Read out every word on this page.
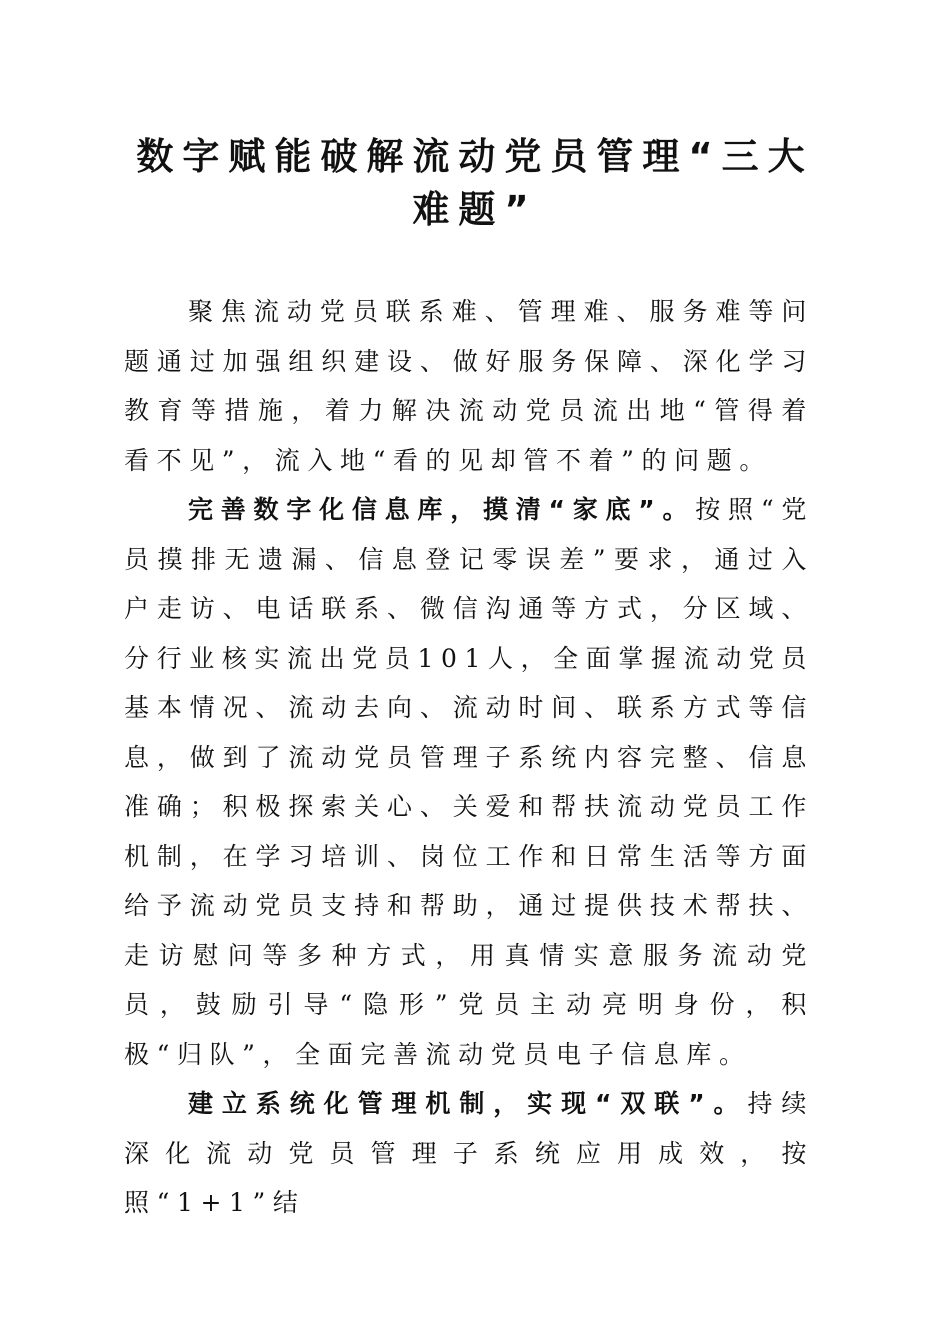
数字赋能破解流动党员管理“三大难题”

聚焦流动党员联系难、管理难、服务难等问题通过加强组织建设、做好服务保障、深化学习教育等措施，着力解决流动党员流出地“管得着看不见”，流入地“看的见却管不着”的问题。

完善数字化信息库，摸清“家底”。按照“党员摸排无遗漏、信息登记零误差”要求，通过入户走访、电话联系、微信沟通等方式，分区域、分行业核实流出党员101人，全面掌握流动党员基本情况、流动去向、流动时间、联系方式等信息，做到了流动党员管理子系统内容完整、信息准确；积极探索关心、关爱和帮扶流动党员工作机制，在学习培训、岗位工作和日常生活等方面给予流动党员支持和帮助，通过提供技术帮扶、走访慰问等多种方式，用真情实意服务流动党员，鼓励引导“隐形”党员主动亮明身份，积极“归队”，全面完善流动党员电子信息库。

建立系统化管理机制，实现“双联”。持续深化流动党员管理子系统应用成效，按照“1+1”结
